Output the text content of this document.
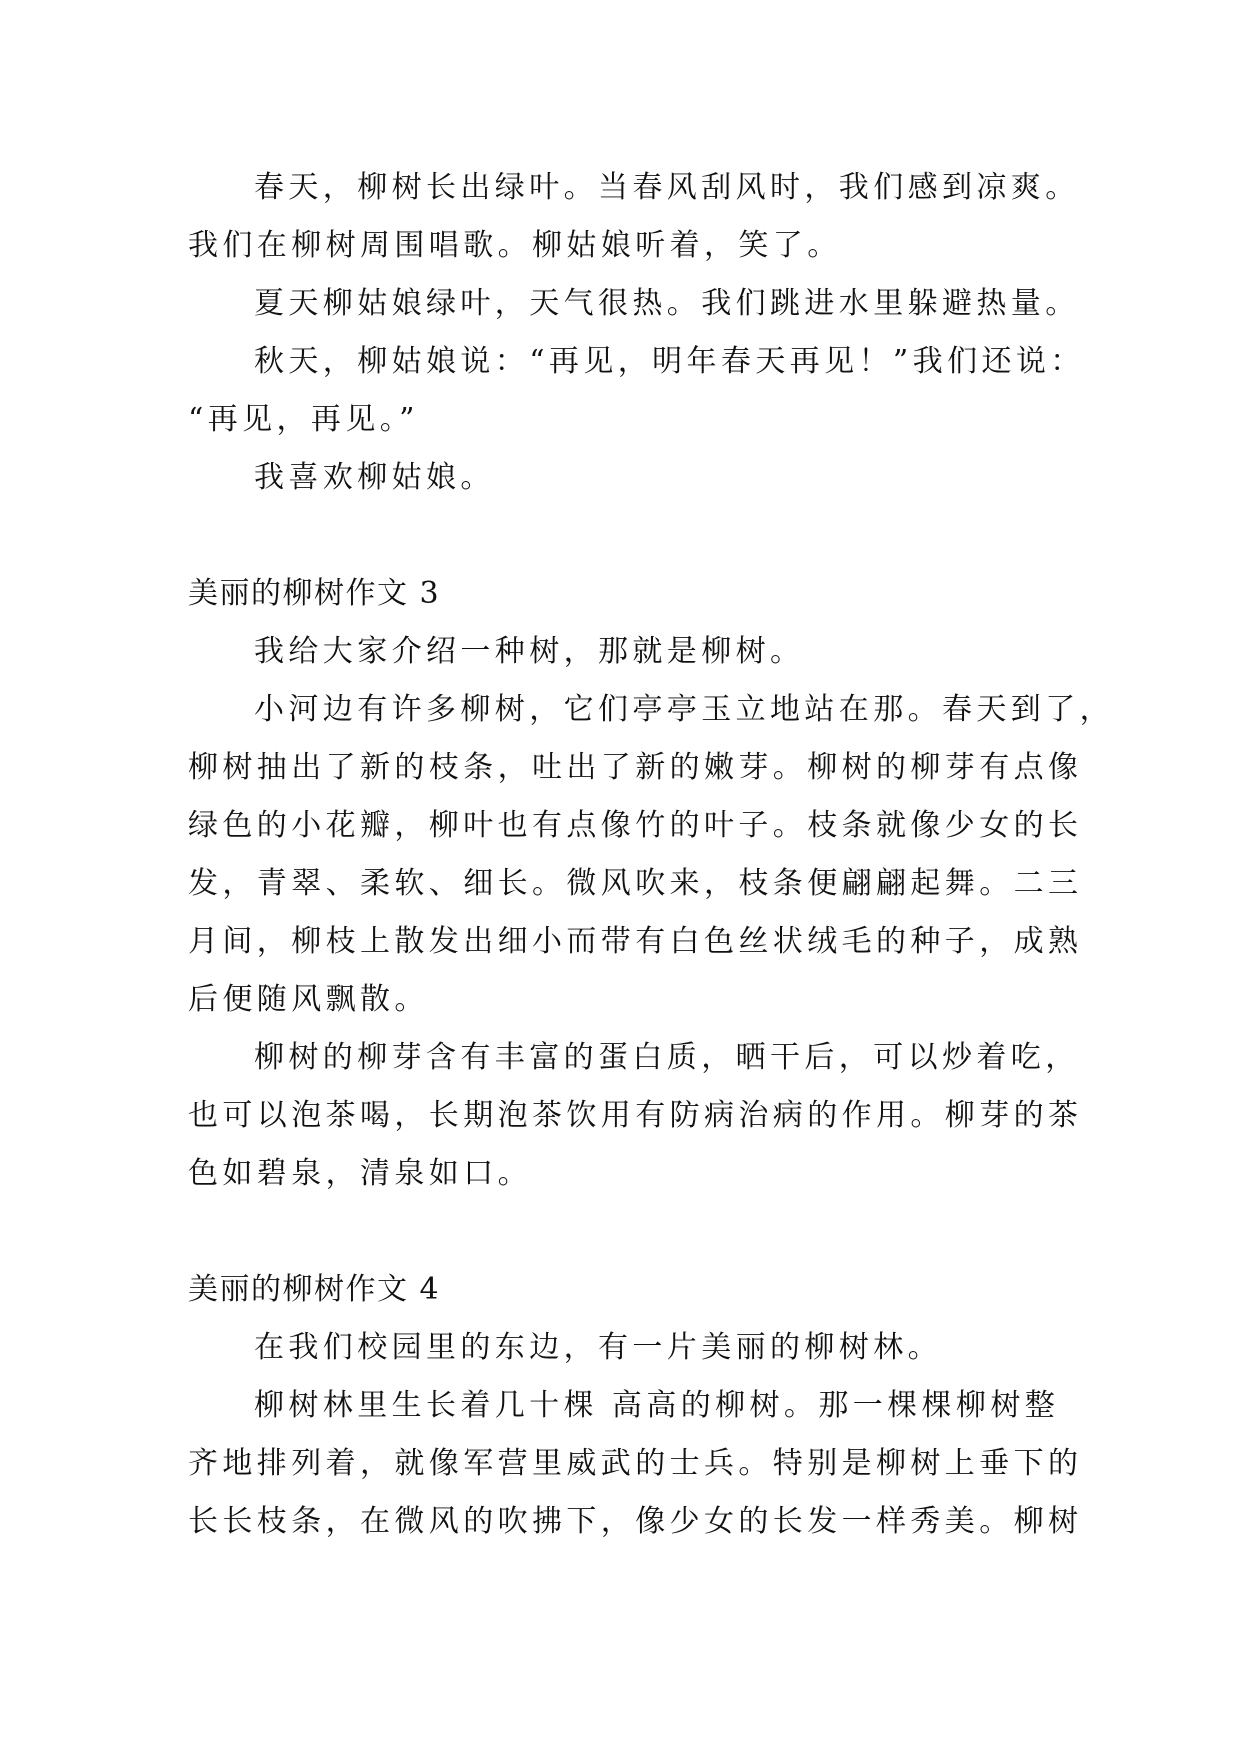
春天，柳树长出绿叶。当春风刮风时，我们感到凉爽。
我们在柳树周围唱歌。柳姑娘听着，笑了。
夏天柳姑娘绿叶，天气很热。我们跳进水里躲避热量。
秋天，柳姑娘说：“再见，明年春天再见！”我们还说：
“再见，再见。”
我喜欢柳姑娘。
美丽的柳树作文 3
我给大家介绍一种树，那就是柳树。
小河边有许多柳树，它们亭亭玉立地站在那。春天到了，
柳树抽出了新的枝条，吐出了新的嫩芽。柳树的柳芽有点像
绿色的小花瓣，柳叶也有点像竹的叶子。枝条就像少女的长
发，青翠、柔软、细长。微风吹来，枝条便翩翩起舞。二三
月间，柳枝上散发出细小而带有白色丝状绒毛的种子，成熟
后便随风飘散。
柳树的柳芽含有丰富的蛋白质，晒干后，可以炒着吃，
也可以泡茶喝，长期泡茶饮用有防病治病的作用。柳芽的茶
色如碧泉，清泉如口。
美丽的柳树作文 4
在我们校园里的东边，有一片美丽的柳树林。
柳树林里生长着几十棵 高高的柳树。那一棵棵柳树整
齐地排列着，就像军营里威武的士兵。特别是柳树上垂下的
长长枝条，在微风的吹拂下，像少女的长发一样秀美。柳树
